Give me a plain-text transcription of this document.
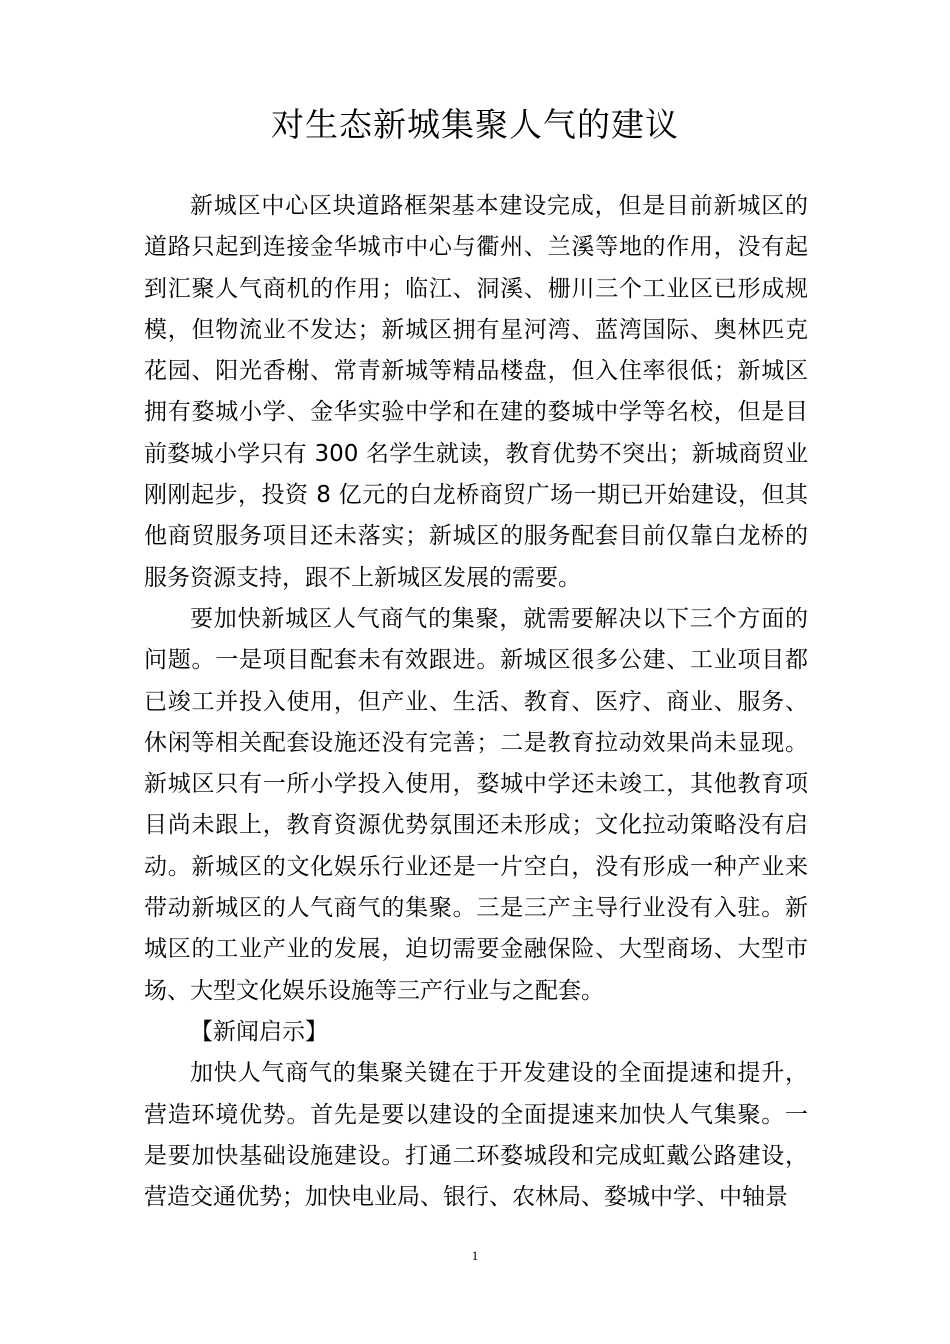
对生态新城集聚人气的建议

新城区中心区块道路框架基本建设完成，但是目前新城区的道路只起到连接金华城市中心与衢州、兰溪等地的作用，没有起到汇聚人气商机的作用；临江、洞溪、栅川三个工业区已形成规模，但物流业不发达；新城区拥有星河湾、蓝湾国际、奥林匹克花园、阳光香榭、常青新城等精品楼盘，但入住率很低；新城区拥有婺城小学、金华实验中学和在建的婺城中学等名校，但是目前婺城小学只有 300 名学生就读，教育优势不突出；新城商贸业刚刚起步，投资 8 亿元的白龙桥商贸广场一期已开始建设，但其他商贸服务项目还未落实；新城区的服务配套目前仅靠白龙桥的服务资源支持，跟不上新城区发展的需要。

要加快新城区人气商气的集聚，就需要解决以下三个方面的问题。一是项目配套未有效跟进。新城区很多公建、工业项目都已竣工并投入使用，但产业、生活、教育、医疗、商业、服务、休闲等相关配套设施还没有完善；二是教育拉动效果尚未显现。新城区只有一所小学投入使用，婺城中学还未竣工，其他教育项目尚未跟上，教育资源优势氛围还未形成；文化拉动策略没有启动。新城区的文化娱乐行业还是一片空白，没有形成一种产业来带动新城区的人气商气的集聚。三是三产主导行业没有入驻。新城区的工业产业的发展，迫切需要金融保险、大型商场、大型市场、大型文化娱乐设施等三产行业与之配套。

【新闻启示】

加快人气商气的集聚关键在于开发建设的全面提速和提升，营造环境优势。首先是要以建设的全面提速来加快人气集聚。一是要加快基础设施建设。打通二环婺城段和完成虹戴公路建设，营造交通优势；加快电业局、银行、农林局、婺城中学、中轴景

1
